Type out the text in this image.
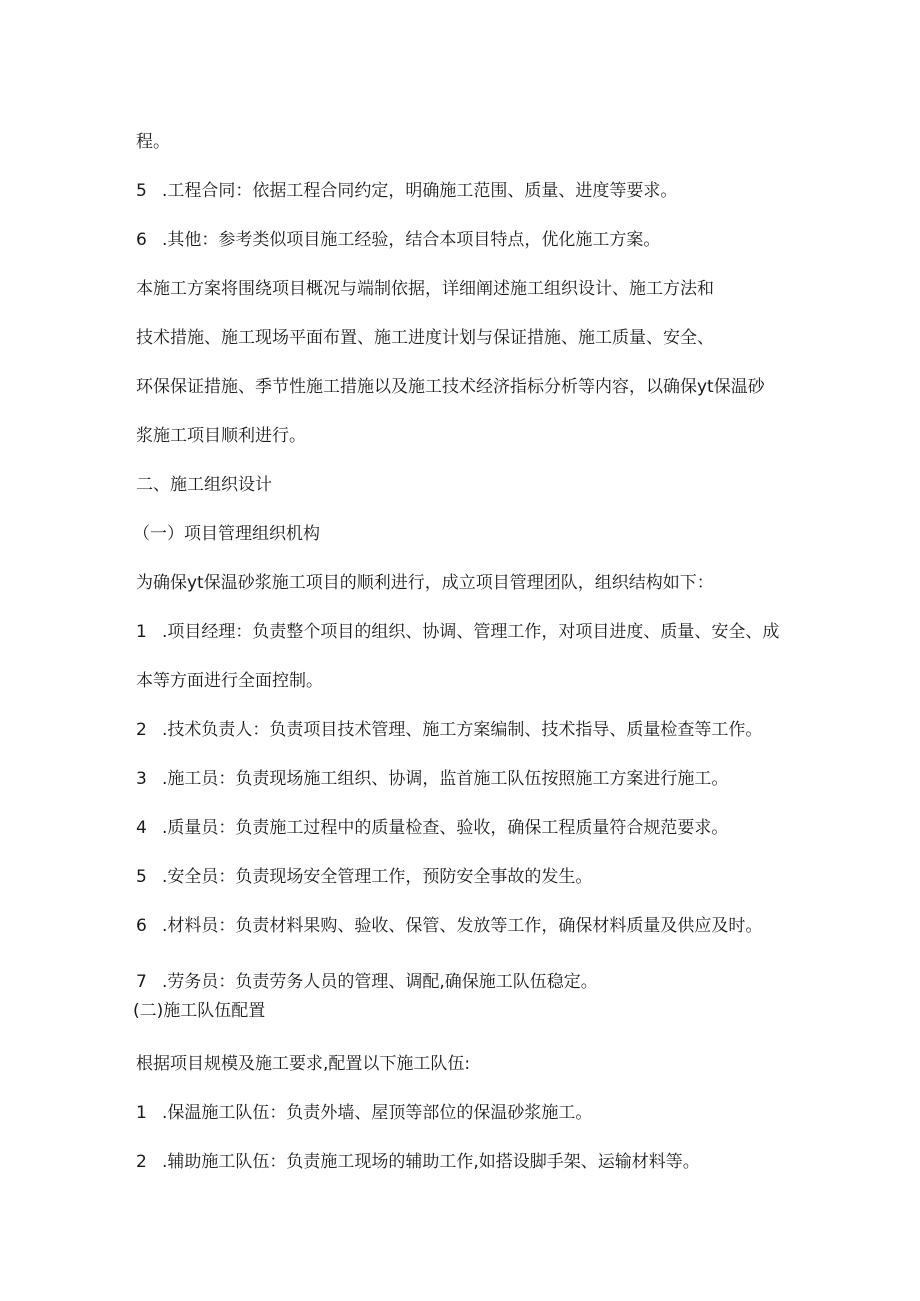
程。
5 .工程合同：依据工程合同约定，明确施工范围、质量、进度等要求。
6 .其他：参考类似项目施工经验，结合本项目特点，优化施工方案。
本施工方案将围绕项目概况与端制依据，详细阐述施工组织设计、施工方法和
技术措施、施工现场平面布置、施工进度计划与保证措施、施工质量、安全、
环保保证措施、季节性施工措施以及施工技术经济指标分析等内容，以确保yt保温砂
浆施工项目顺利进行。
二、施工组织设计
（一）项目管理组织机构
为确保yt保温砂浆施工项目的顺利进行，成立项目管理团队，组织结构如下：
1 .项目经理：负责整个项目的组织、协调、管理工作，对项目进度、质量、安全、成
本等方面进行全面控制。
2 .技术负责人：负责项目技术管理、施工方案编制、技术指导、质量检查等工作。
3 .施工员：负责现场施工组织、协调，监首施工队伍按照施工方案进行施工。
4 .质量员：负责施工过程中的质量检查、验收，确保工程质量符合规范要求。
5 .安全员：负责现场安全管理工作，预防安全事故的发生。
6 .材料员：负责材料果购、验收、保管、发放等工作，确保材料质量及供应及时。
7 .劳务员：负责劳务人员的管理、调配,确保施工队伍稳定。
(二)施工队伍配置
根据项目规模及施工要求,配置以下施工队伍:
1 .保温施工队伍：负责外墙、屋顶等部位的保温砂浆施工。
2 .辅助施工队伍：负责施工现场的辅助工作,如搭设脚手架、运输材料等。
